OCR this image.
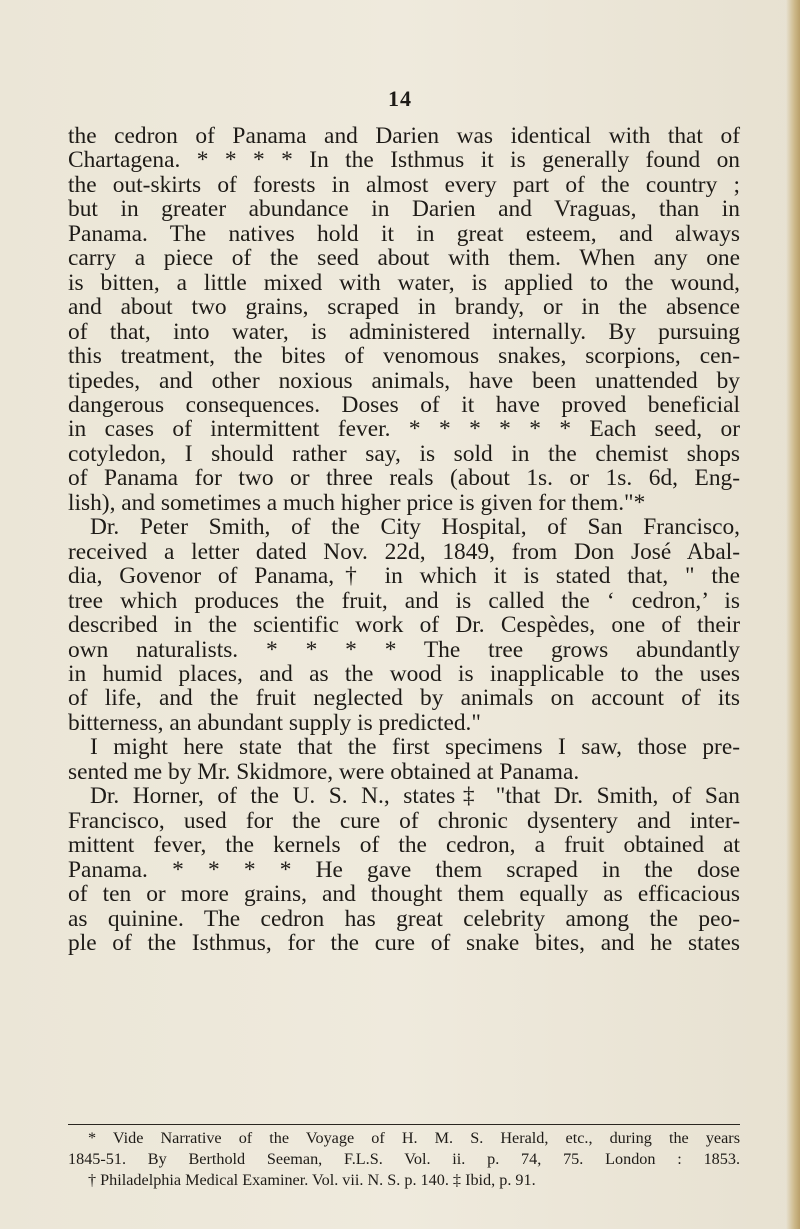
14

the cedron of Panama and Darien was identical with that of

Chartagena. * * * * In the Isthmus it is generally found on

the out-skirts of forests in almost every part of the country ;

but in greater abundance in Darien and Vraguas, than in

Panama. The natives hold it in great esteem, and always

carry a piece of the seed about with them. When any one

is bitten, a little mixed with water, is applied to the wound,

and about two grains, scraped in brandy, or in the absence

of that, into water, is administered internally. By pursuing

this treatment, the bites of venomous snakes, scorpions, cen-

tipedes, and other noxious animals, have been unattended by

dangerous consequences. Doses of it have proved beneficial

in cases of intermittent fever. * * * * * * Each seed, or

cotyledon, I should rather say, is sold in the chemist shops

of Panama for two or three reals (about 1s. or 1s. 6d, Eng-

lish), and sometimes a much higher price is given for them."*

Dr. Peter Smith, of the City Hospital, of San Francisco,

received a letter dated Nov. 22d, 1849, from Don José Abal-

dia, Govenor of Panama,† in which it is stated that, " the

tree which produces the fruit, and is called the ‘ cedron,’ is

described in the scientific work of Dr. Cespèdes, one of their

own naturalists. * * * * The tree grows abundantly

in humid places, and as the wood is inapplicable to the uses

of life, and the fruit neglected by animals on account of its

bitterness, an abundant supply is predicted."

I might here state that the first specimens I saw, those pre-

sented me by Mr. Skidmore, were obtained at Panama.

Dr. Horner, of the U. S. N., states‡ "that Dr. Smith, of San

Francisco, used for the cure of chronic dysentery and inter-

mittent fever, the kernels of the cedron, a fruit obtained at

Panama. * * * * He gave them scraped in the dose

of ten or more grains, and thought them equally as efficacious

as quinine. The cedron has great celebrity among the peo-

ple of the Isthmus, for the cure of snake bites, and he states

* Vide Narrative of the Voyage of H. M. S. Herald, etc., during the years

1845-51. By Berthold Seeman, F.L.S. Vol. ii. p. 74, 75. London : 1853.

† Philadelphia Medical Examiner. Vol. vii. N. S. p. 140. ‡ Ibid, p. 91.
